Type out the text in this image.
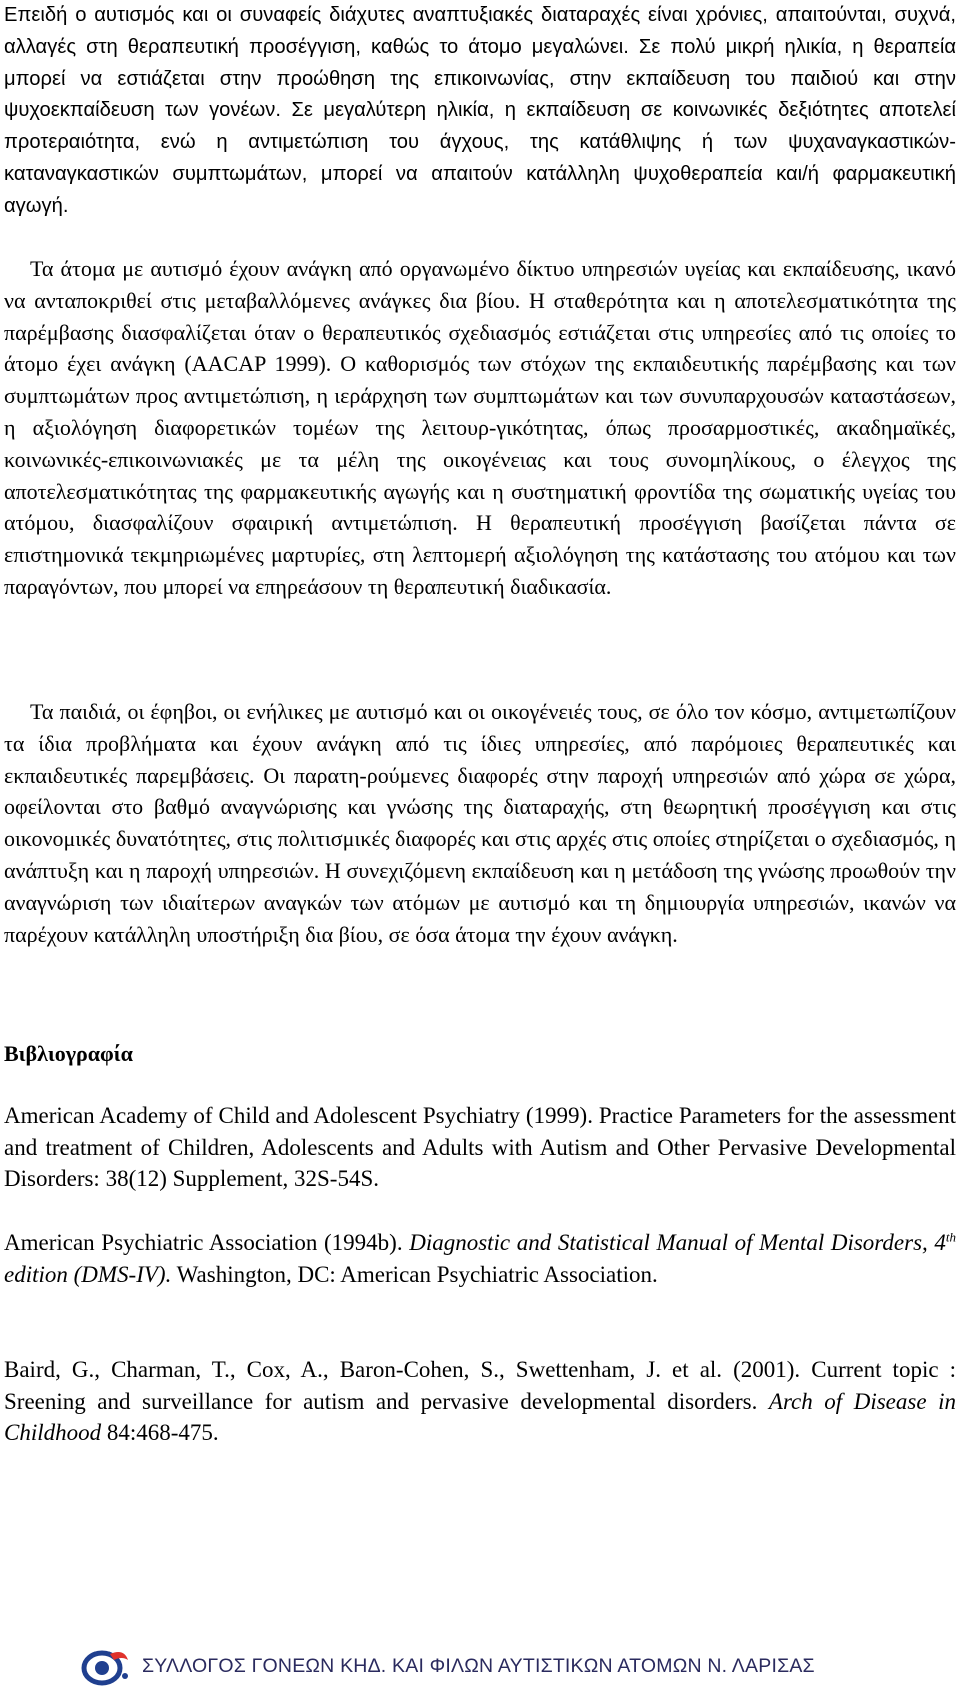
Επειδή ο αυτισμός και οι συναφείς διάχυτες αναπτυξιακές διαταραχές είναι χρόνιες, απαιτούνται, συχνά, αλλαγές στη θεραπευτική προσέγγιση, καθώς το άτομο μεγαλώνει. Σε πολύ μικρή ηλικία, η θεραπεία μπορεί να εστιάζεται στην προώθηση της επικοινωνίας, στην εκπαίδευση του παιδιού και στην ψυχοεκπαίδευση των γονέων. Σε μεγαλύτερη ηλικία, η εκπαίδευση σε κοινωνικές δεξιότητες αποτελεί προτεραιότητα, ενώ η αντιμετώπιση του άγχους, της κατάθλιψης ή των ψυχαναγκαστικών-καταναγκαστικών συμπτωμάτων, μπορεί να απαιτούν κατάλληλη ψυχοθεραπεία και/ή φαρμακευτική αγωγή.

Τα άτομα με αυτισμό έχουν ανάγκη από οργανωμένο δίκτυο υπηρεσιών υγείας και εκπαίδευσης, ικανό να ανταποκριθεί στις μεταβαλλόμενες ανάγκες δια βίου. Η σταθερότητα και η αποτελεσματικότητα της παρέμβασης διασφαλίζεται όταν ο θεραπευτικός σχεδιασμός εστιάζεται στις υπηρεσίες από τις οποίες το άτομο έχει ανάγκη (AACAP 1999). Ο καθορισμός των στόχων της εκπαιδευτικής παρέμβασης και των συμπτωμάτων προς αντιμετώπιση, η ιεράρχηση των συμπτωμάτων και των συνυπαρχουσών καταστάσεων, η αξιολόγηση διαφορετικών τομέων της λειτουρ-γικότητας, όπως προσαρμοστικές, ακαδημαϊκές, κοινωνικές-επικοινωνιακές με τα μέλη της οικογένειας και τους συνομηλίκους, ο έλεγχος της αποτελεσματικότητας της φαρμακευτικής αγωγής και η συστηματική φροντίδα της σωματικής υγείας του ατόμου, διασφαλίζουν σφαιρική αντιμετώπιση. Η θεραπευτική προσέγγιση βασίζεται πάντα σε επιστημονικά τεκμηριωμένες μαρτυρίες, στη λεπτομερή αξιολόγηση της κατάστασης του ατόμου και των παραγόντων, που μπορεί να επηρεάσουν τη θεραπευτική διαδικασία.

Τα παιδιά, οι έφηβοι, οι ενήλικες με αυτισμό και οι οικογένειές τους, σε όλο τον κόσμο, αντιμετωπίζουν τα ίδια προβλήματα και έχουν ανάγκη από τις ίδιες υπηρεσίες, από παρόμοιες θεραπευτικές και εκπαιδευτικές παρεμβάσεις. Οι παρατη-ρούμενες διαφορές στην παροχή υπηρεσιών από χώρα σε χώρα, οφείλονται στο βαθμό αναγνώρισης και γνώσης της διαταραχής, στη θεωρητική προσέγγιση και στις οικονομικές δυνατότητες, στις πολιτισμικές διαφορές και στις αρχές στις οποίες στηρίζεται ο σχεδιασμός, η ανάπτυξη και η παροχή υπηρεσιών. Η συνεχιζόμενη εκπαίδευση και η μετάδοση της γνώσης προωθούν την αναγνώριση των ιδιαίτερων αναγκών των ατόμων με αυτισμό και τη δημιουργία υπηρεσιών, ικανών να παρέχουν κατάλληλη υποστήριξη δια βίου, σε όσα άτομα την έχουν ανάγκη.

Βιβλιογραφία

American Academy of Child and Adolescent Psychiatry (1999). Practice Parameters for the assessment and treatment of Children, Adolescents and Adults with Autism and Other Pervasive Developmental Disorders: 38(12) Supplement, 32S-54S.

American Psychiatric Association (1994b). Diagnostic and Statistical Manual of Mental Disorders, 4th edition (DMS-IV). Washington, DC: American Psychiatric Association.

Baird, G., Charman, T., Cox, A., Baron-Cohen, S., Swettenham, J. et al. (2001). Current topic : Sreening and surveillance for autism and pervasive developmental disorders. Arch of Disease in Childhood 84:468-475.

ΣΥΛΛΟΓΟΣ ΓΟΝΕΩΝ ΚΗΔ. ΚΑΙ ΦΙΛΩΝ ΑΥΤΙΣΤΙΚΩΝ ΑΤΟΜΩΝ Ν. ΛΑΡΙΣΑΣ
